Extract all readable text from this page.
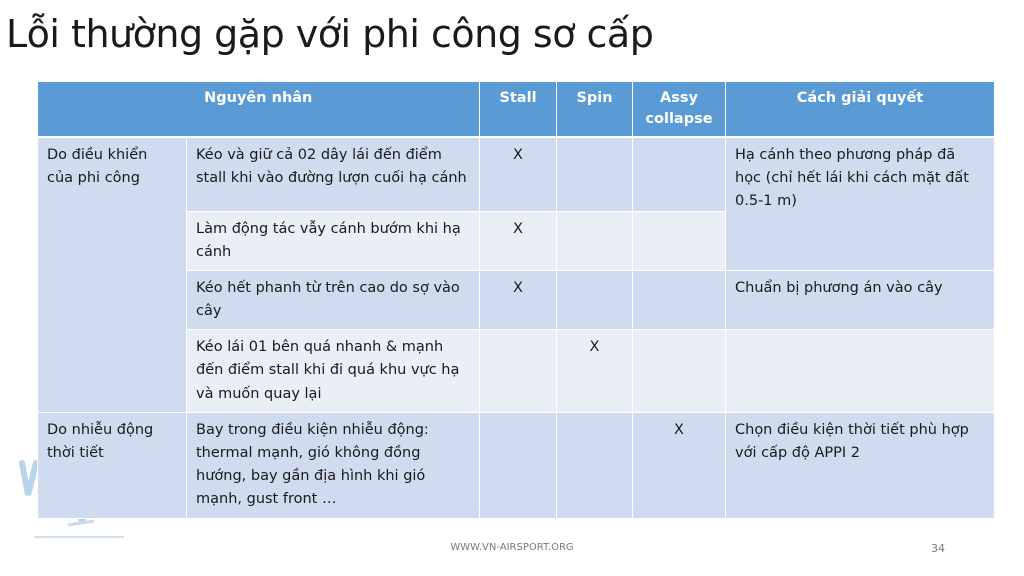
Lỗi thường gặp với phi công sơ cấp
Nguyên nhân		Stall	Spin	Assy collapse	Cách giải quyết
Do điều khiển của phi công	Kéo và giữ cả 02 dây lái đến điểm stall khi vào đường lượn cuối hạ cánh	X			Hạ cánh theo phương pháp đã học (chỉ hết lái khi cách mặt đất 0.5-1 m)
	Làm động tác vẫy cánh bướm khi hạ cánh	X			
	Kéo hết phanh từ trên cao do sợ vào cây	X			Chuẩn bị phương án vào cây
	Kéo lái 01 bên quá nhanh & mạnh đến điểm stall khi đi quá khu vực hạ và muốn quay lại		X		
Do nhiễu động thời tiết	Bay trong điều kiện nhiễu động: thermal mạnh, gió không đồng hướng, bay gần địa hình khi gió mạnh, gust front …			X	Chọn điều kiện thời tiết phù hợp với cấp độ APPI 2
WWW.VN-AIRSPORT.ORG	34
